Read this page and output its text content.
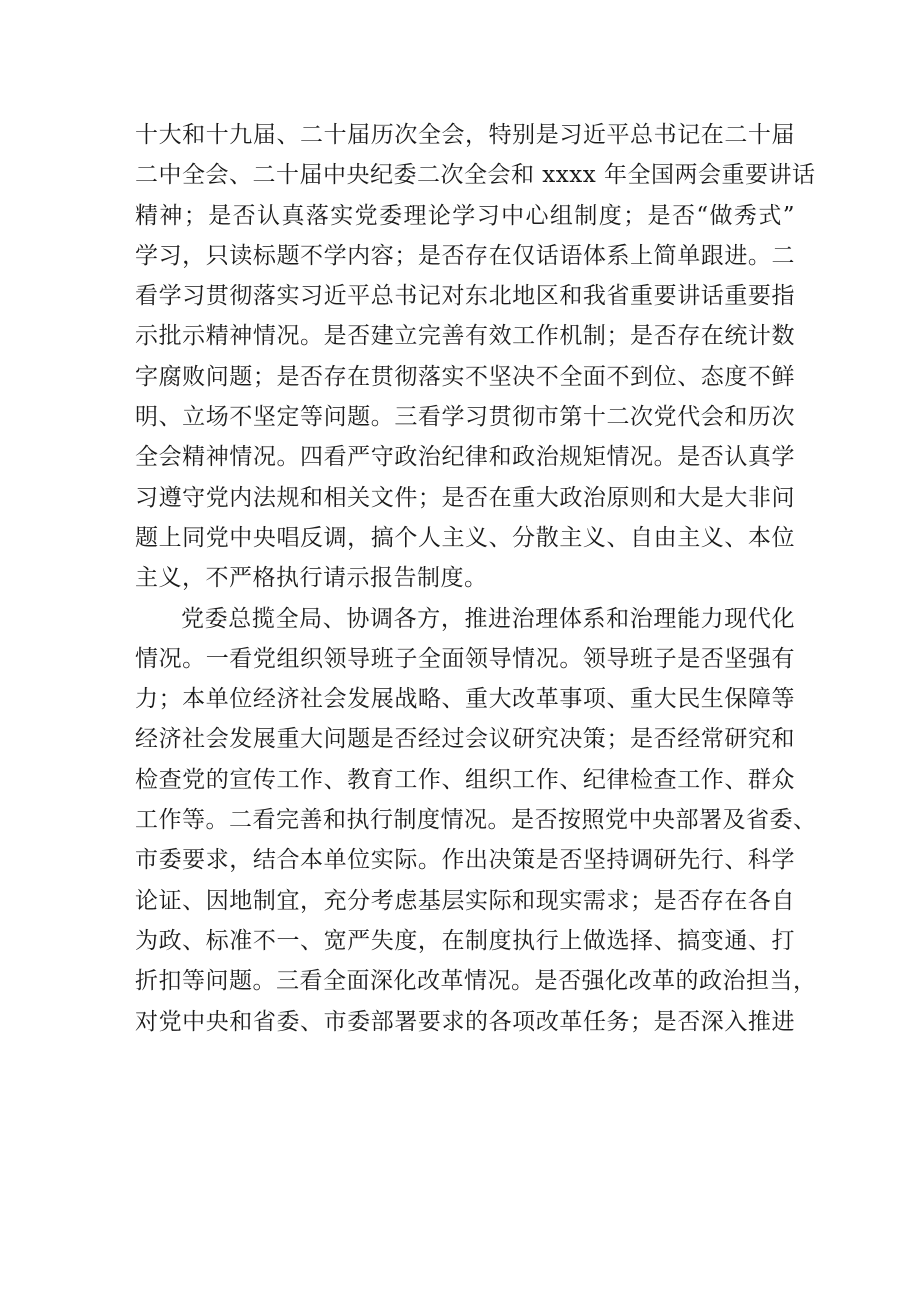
十大和十九届、二十届历次全会，特别是习近平总书记在二十届
二中全会、二十届中央纪委二次全会和 xxxx 年全国两会重要讲话
精神；是否认真落实党委理论学习中心组制度；是否“做秀式”
学习，只读标题不学内容；是否存在仅话语体系上简单跟进。二
看学习贯彻落实习近平总书记对东北地区和我省重要讲话重要指
示批示精神情况。是否建立完善有效工作机制；是否存在统计数
字腐败问题；是否存在贯彻落实不坚决不全面不到位、态度不鲜
明、立场不坚定等问题。三看学习贯彻市第十二次党代会和历次
全会精神情况。四看严守政治纪律和政治规矩情况。是否认真学
习遵守党内法规和相关文件；是否在重大政治原则和大是大非问
题上同党中央唱反调，搞个人主义、分散主义、自由主义、本位
主义，不严格执行请示报告制度。
党委总揽全局、协调各方，推进治理体系和治理能力现代化
情况。一看党组织领导班子全面领导情况。领导班子是否坚强有
力；本单位经济社会发展战略、重大改革事项、重大民生保障等
经济社会发展重大问题是否经过会议研究决策；是否经常研究和
检查党的宣传工作、教育工作、组织工作、纪律检查工作、群众
工作等。二看完善和执行制度情况。是否按照党中央部署及省委、
市委要求，结合本单位实际。作出决策是否坚持调研先行、科学
论证、因地制宜，充分考虑基层实际和现实需求；是否存在各自
为政、标准不一、宽严失度，在制度执行上做选择、搞变通、打
折扣等问题。三看全面深化改革情况。是否强化改革的政治担当，
对党中央和省委、市委部署要求的各项改革任务；是否深入推进
